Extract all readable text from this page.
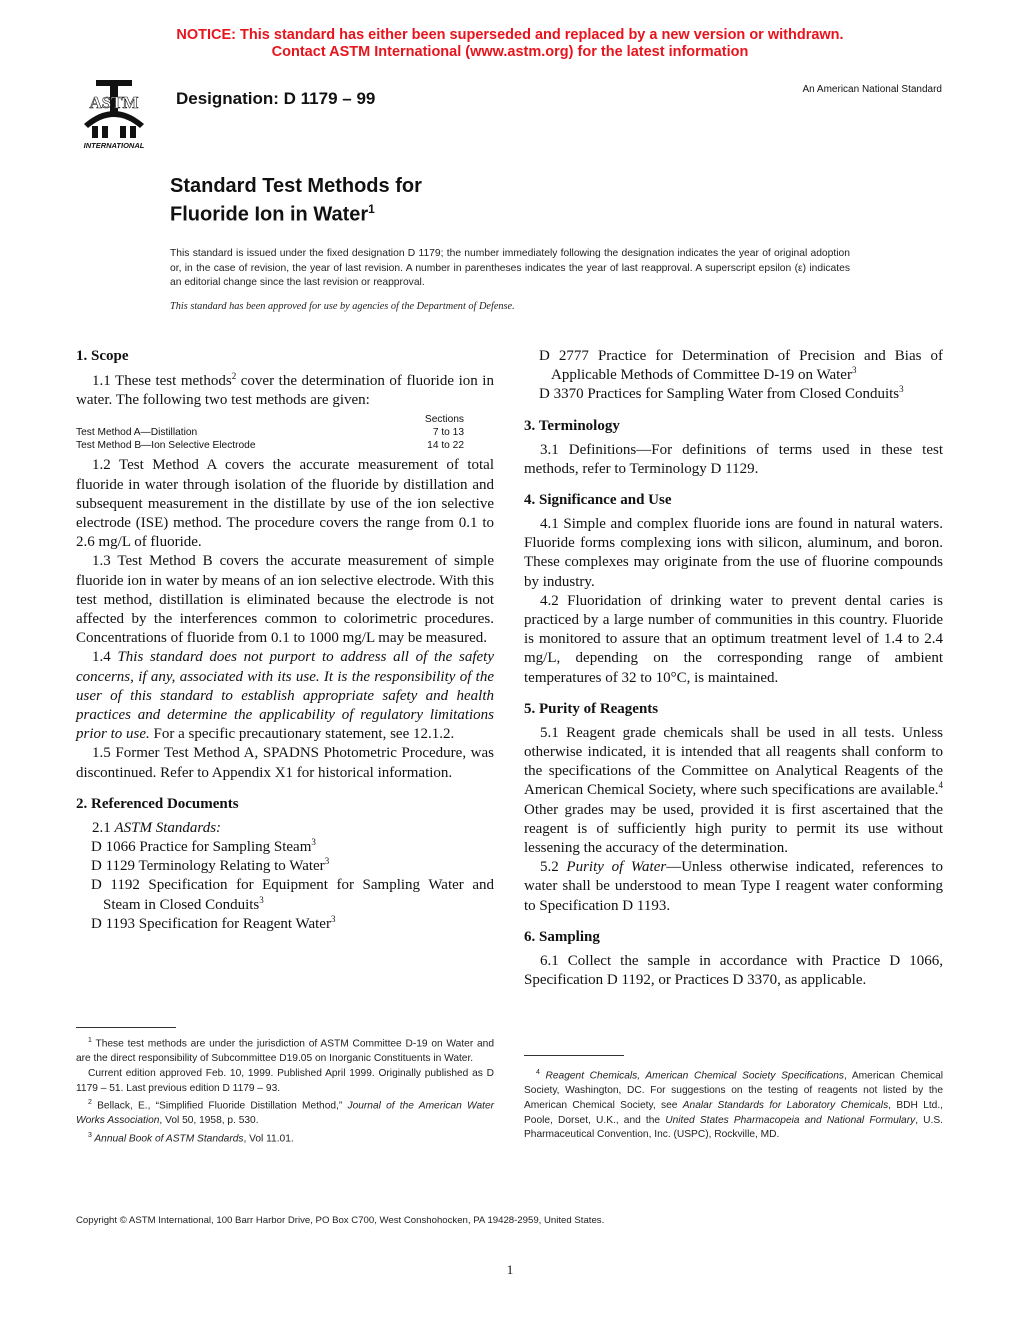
NOTICE: This standard has either been superseded and replaced by a new version or withdrawn.
Contact ASTM International (www.astm.org) for the latest information
ASTM
INTERNATIONAL
Designation: D 1179 – 99	An American National Standard
Standard Test Methods for
Fluoride Ion in Water$^1$
This standard is issued under the fixed designation D 1179; the number immediately following the designation indicates the year of original adoption or, in the case of revision, the year of last revision. A number in parentheses indicates the year of last reapproval. A superscript epsilon (ε) indicates an editorial change since the last revision or reapproval.
This standard has been approved for use by agencies of the Department of Defense.
1. Scope

1.1 These test methods$^2$ cover the determination of fluoride ion in water. The following two test methods are given:

	Sections
Test Method A—Distillation	7 to 13
Test Method B—Ion Selective Electrode	14 to 22

1.2 Test Method A covers the accurate measurement of total fluoride in water through isolation of the fluoride by distillation and subsequent measurement in the distillate by use of the ion selective electrode (ISE) method. The procedure covers the range from 0.1 to 2.6 mg/L of fluoride.

1.3 Test Method B covers the accurate measurement of simple fluoride ion in water by means of an ion selective electrode. With this test method, distillation is eliminated because the electrode is not affected by the interferences common to colorimetric procedures. Concentrations of fluoride from 0.1 to 1000 mg/L may be measured.

1.4 This standard does not purport to address all of the safety concerns, if any, associated with its use. It is the responsibility of the user of this standard to establish appropriate safety and health practices and determine the applicability of regulatory limitations prior to use. For a specific precautionary statement, see 12.1.2.

1.5 Former Test Method A, SPADNS Photometric Procedure, was discontinued. Refer to Appendix X1 for historical information.

2. Referenced Documents

2.1 ASTM Standards:

D 1066 Practice for Sampling Steam$^3$

D 1129 Terminology Relating to Water$^3$

D 1192 Specification for Equipment for Sampling Water and Steam in Closed Conduits$^3$

D 1193 Specification for Reagent Water$^3$

D 2777 Practice for Determination of Precision and Bias of Applicable Methods of Committee D-19 on Water$^3$

D 3370 Practices for Sampling Water from Closed Conduits$^3$

3. Terminology

3.1 Definitions—For definitions of terms used in these test methods, refer to Terminology D 1129.

4. Significance and Use

4.1 Simple and complex fluoride ions are found in natural waters. Fluoride forms complexing ions with silicon, aluminum, and boron. These complexes may originate from the use of fluorine compounds by industry.

4.2 Fluoridation of drinking water to prevent dental caries is practiced by a large number of communities in this country. Fluoride is monitored to assure that an optimum treatment level of 1.4 to 2.4 mg/L, depending on the corresponding range of ambient temperatures of 32 to 10°C, is maintained.

5. Purity of Reagents

5.1 Reagent grade chemicals shall be used in all tests. Unless otherwise indicated, it is intended that all reagents shall conform to the specifications of the Committee on Analytical Reagents of the American Chemical Society, where such specifications are available.$^4$ Other grades may be used, provided it is first ascertained that the reagent is of sufficiently high purity to permit its use without lessening the accuracy of the determination.

5.2 Purity of Water—Unless otherwise indicated, references to water shall be understood to mean Type I reagent water conforming to Specification D 1193.

6. Sampling

6.1 Collect the sample in accordance with Practice D 1066, Specification D 1192, or Practices D 3370, as applicable.

$^1$ These test methods are under the jurisdiction of ASTM Committee D-19 on Water and are the direct responsibility of Subcommittee D19.05 on Inorganic Constituents in Water.

Current edition approved Feb. 10, 1999. Published April 1999. Originally published as D 1179 – 51. Last previous edition D 1179 – 93.

$^2$ Bellack, E., “Simplified Fluoride Distillation Method,” Journal of the American Water Works Association, Vol 50, 1958, p. 530.

$^3$ Annual Book of ASTM Standards, Vol 11.01.

$^4$ Reagent Chemicals, American Chemical Society Specifications, American Chemical Society, Washington, DC. For suggestions on the testing of reagents not listed by the American Chemical Society, see Analar Standards for Laboratory Chemicals, BDH Ltd., Poole, Dorset, U.K., and the United States Pharmacopeia and National Formulary, U.S. Pharmaceutical Convention, Inc. (USPC), Rockville, MD.

Copyright © ASTM International, 100 Barr Harbor Drive, PO Box C700, West Conshohocken, PA 19428-2959, United States.
1
